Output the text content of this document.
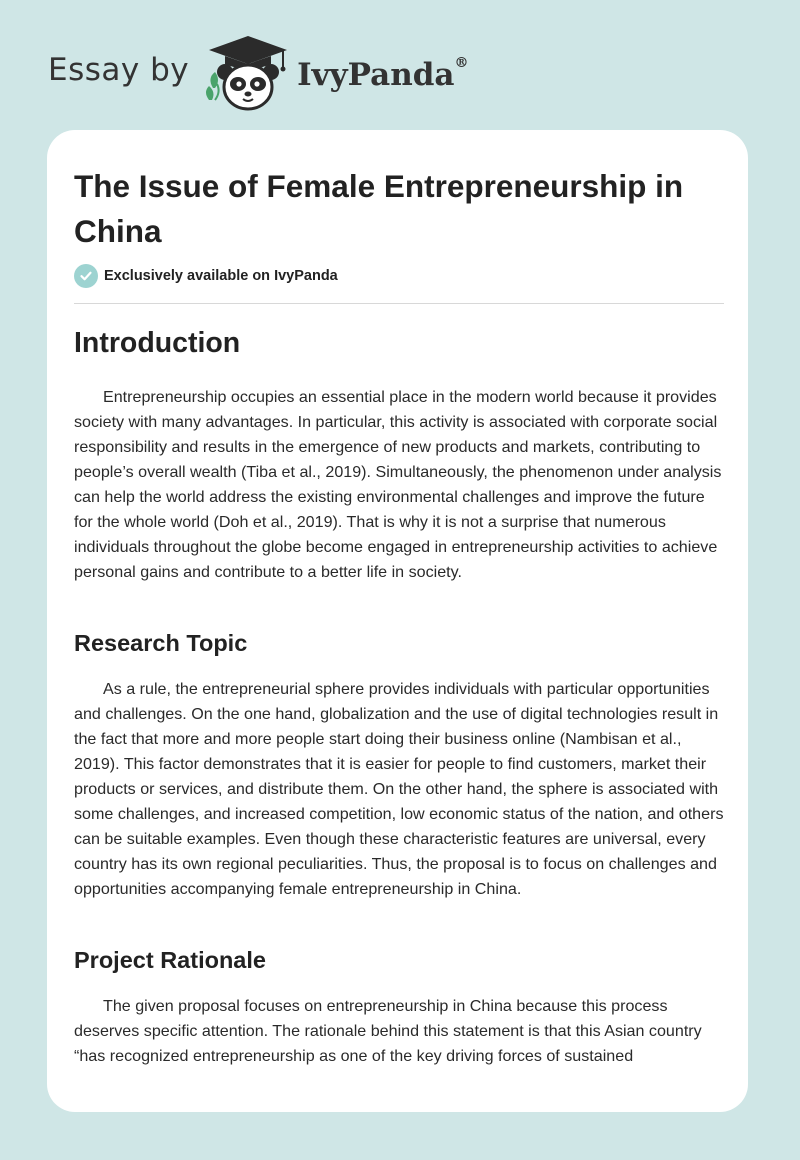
Essay by	IvyPanda®
The Issue of Female Entrepreneurship in China
Exclusively available on IvyPanda
Introduction

Entrepreneurship occupies an essential place in the modern world because it provides society with many advantages. In particular, this activity is associated with corporate social responsibility and results in the emergence of new products and markets, contributing to people’s overall wealth (Tiba et al., 2019). Simultaneously, the phenomenon under analysis can help the world address the existing environmental challenges and improve the future for the whole world (Doh et al., 2019). That is why it is not a surprise that numerous individuals throughout the globe become engaged in entrepreneurship activities to achieve personal gains and contribute to a better life in society.

Research Topic

As a rule, the entrepreneurial sphere provides individuals with particular opportunities and challenges. On the one hand, globalization and the use of digital technologies result in the fact that more and more people start doing their business online (Nambisan et al., 2019). This factor demonstrates that it is easier for people to find customers, market their products or services, and distribute them. On the other hand, the sphere is associated with some challenges, and increased competition, low economic status of the nation, and others can be suitable examples. Even though these characteristic features are universal, every country has its own regional peculiarities. Thus, the proposal is to focus on challenges and opportunities accompanying female entrepreneurship in China.

Project Rationale

The given proposal focuses on entrepreneurship in China because this process deserves specific attention. The rationale behind this statement is that this Asian country “has recognized entrepreneurship as one of the key driving forces of sustained
